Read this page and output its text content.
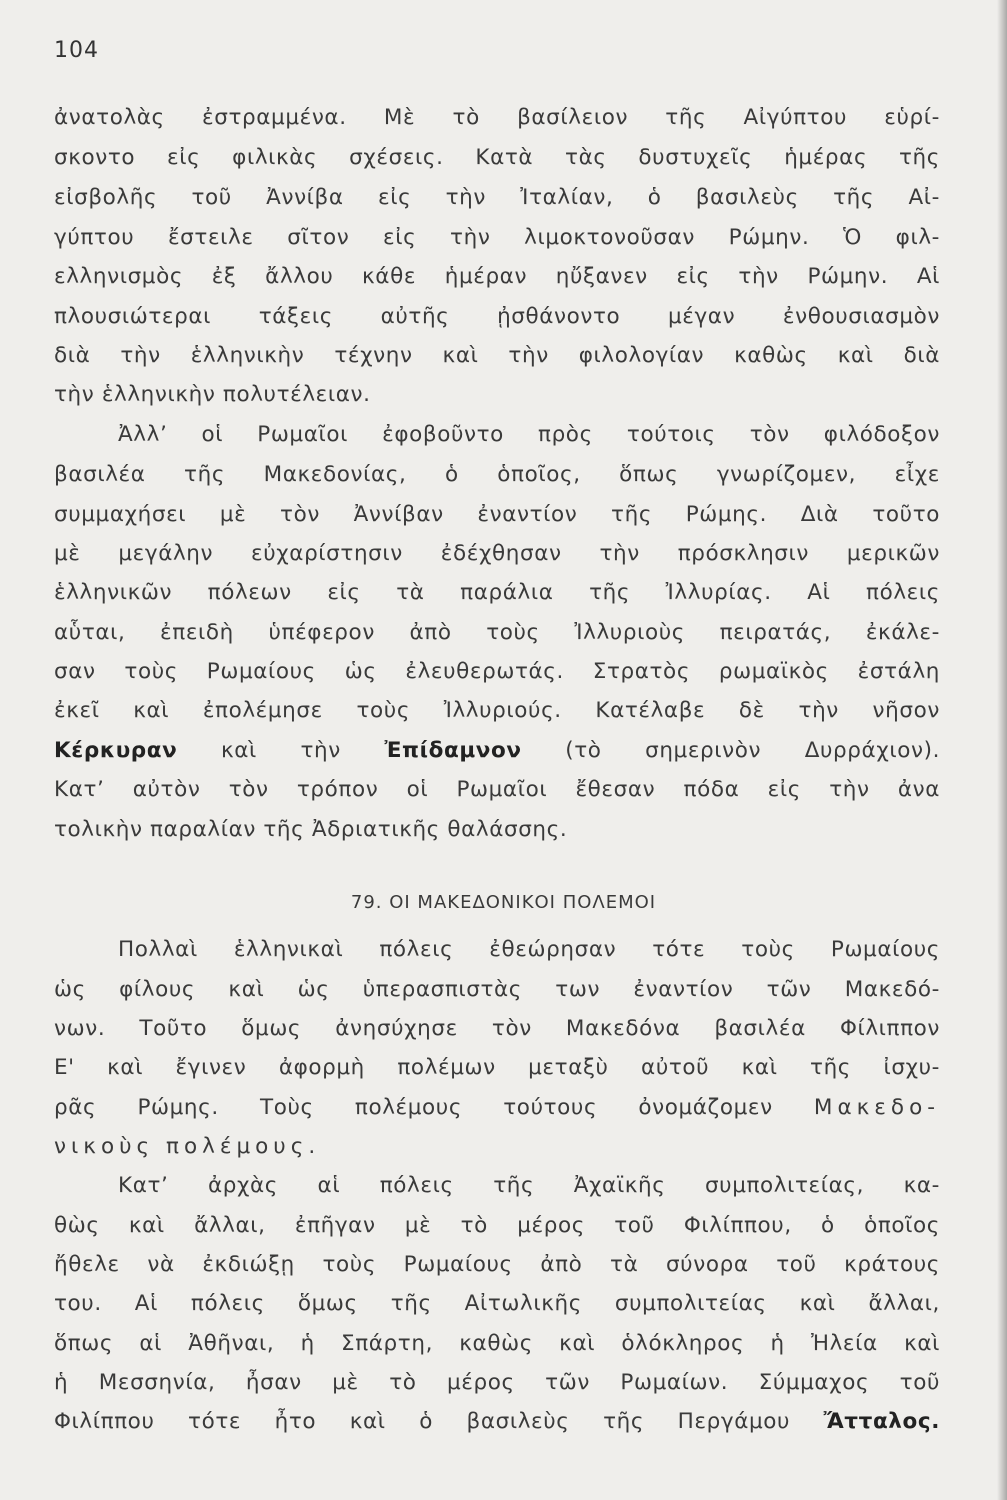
104
ἀνατολὰς ἐστραμμένα. Μὲ τὸ βασίλειον τῆς Αἰγύπτου εὑρί-
σκοντο εἰς φιλικὰς σχέσεις. Κατὰ τὰς δυστυχεῖς ἡμέρας τῆς
εἰσβολῆς τοῦ Ἀννίβα εἰς τὴν Ἰταλίαν, ὁ βασιλεὺς τῆς Αἰ-
γύπτου ἔστειλε σῖτον εἰς τὴν λιμοκτονοῦσαν Ρώμην. Ὁ φιλ-
ελληνισμὸς ἐξ ἄλλου κάθε ἡμέραν ηὔξανεν εἰς τὴν Ρώμην. Αἱ
πλουσιώτεραι τάξεις αὐτῆς ᾐσθάνοντο μέγαν ἐνθουσιασμὸν
διὰ τὴν ἑλληνικὴν τέχνην καὶ τὴν φιλολογίαν καθὼς καὶ διὰ
τὴν ἑλληνικὴν πολυτέλειαν.
Ἀλλ’ οἱ Ρωμαῖοι ἐφοβοῦντο πρὸς τούτοις τὸν φιλόδοξον
βασιλέα τῆς Μακεδονίας, ὁ ὁποῖος, ὅπως γνωρίζομεν, εἶχε
συμμαχήσει μὲ τὸν Ἀννίβαν ἐναντίον τῆς Ρώμης. Διὰ τοῦτο
μὲ μεγάλην εὐχαρίστησιν ἐδέχθησαν τὴν πρόσκλησιν μερικῶν
ἑλληνικῶν πόλεων εἰς τὰ παράλια τῆς Ἰλλυρίας. Αἱ πόλεις
αὗται, ἐπειδὴ ὑπέφερον ἀπὸ τοὺς Ἰλλυριοὺς πειρατάς, ἐκάλε-
σαν τοὺς Ρωμαίους ὡς ἐλευθερωτάς. Στρατὸς ρωμαϊκὸς ἐστάλη
ἐκεῖ καὶ ἐπολέμησε τοὺς Ἰλλυριούς. Κατέλαβε δὲ τὴν νῆσον
Κέρκυραν καὶ τὴν Ἐπίδαμνον (τὸ σημερινὸν Δυρράχιον).
Κατ’ αὐτὸν τὸν τρόπον οἱ Ρωμαῖοι ἔθεσαν πόδα εἰς τὴν ἀνα
τολικὴν παραλίαν τῆς Ἀδριατικῆς θαλάσσης.
79. ΟΙ ΜΑΚΕΔΟΝΙΚΟΙ ΠΟΛΕΜΟΙ
Πολλαὶ ἑλληνικαὶ πόλεις ἐθεώρησαν τότε τοὺς Ρωμαίους
ὡς φίλους καὶ ὡς ὑπερασπιστὰς των ἐναντίον τῶν Μακεδό-
νων. Τοῦτο ὅμως ἀνησύχησε τὸν Μακεδόνα βασιλέα Φίλιππον
Ε' καὶ ἔγινεν ἀφορμὴ πολέμων μεταξὺ αὐτοῦ καὶ τῆς ἰσχυ-
ρᾶς Ρώμης. Τοὺς πολέμους τούτους ὀνομάζομεν Μακεδο-
νικοὺς πολέμους.
Κατ’ ἀρχὰς αἱ πόλεις τῆς Ἀχαϊκῆς συμπολιτείας, κα-
θὼς καὶ ἄλλαι, ἐπῆγαν μὲ τὸ μέρος τοῦ Φιλίππου, ὁ ὁποῖος
ἤθελε νὰ ἐκδιώξῃ τοὺς Ρωμαίους ἀπὸ τὰ σύνορα τοῦ κράτους
του. Αἱ πόλεις ὅμως τῆς Αἰτωλικῆς συμπολιτείας καὶ ἄλλαι,
ὅπως αἱ Ἀθῆναι, ἡ Σπάρτη, καθὼς καὶ ὁλόκληρος ἡ Ἠλεία καὶ
ἡ Μεσσηνία, ἦσαν μὲ τὸ μέρος τῶν Ρωμαίων. Σύμμαχος τοῦ
Φιλίππου τότε ἦτο καὶ ὁ βασιλεὺς τῆς Περγάμου Ἄτταλος.
